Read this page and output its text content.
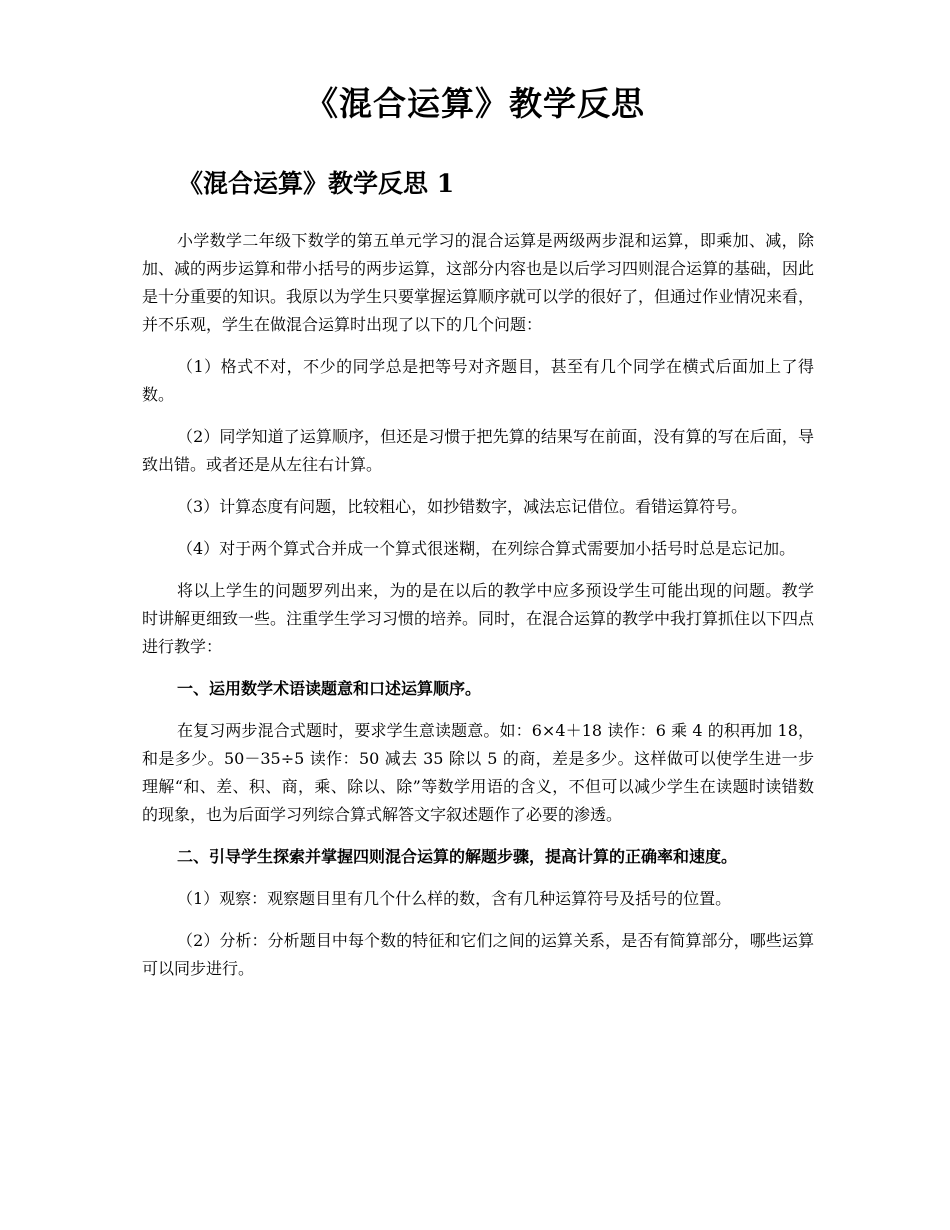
《混合运算》教学反思
《混合运算》教学反思 1

小学数学二年级下数学的第五单元学习的混合运算是两级两步混和运算，即乘加、减，除加、减的两步运算和带小括号的两步运算，这部分内容也是以后学习四则混合运算的基础，因此是十分重要的知识。我原以为学生只要掌握运算顺序就可以学的很好了，但通过作业情况来看，并不乐观，学生在做混合运算时出现了以下的几个问题：

（1）格式不对，不少的同学总是把等号对齐题目，甚至有几个同学在横式后面加上了得数。

（2）同学知道了运算顺序，但还是习惯于把先算的结果写在前面，没有算的写在后面，导致出错。或者还是从左往右计算。

（3）计算态度有问题，比较粗心，如抄错数字，减法忘记借位。看错运算符号。

（4）对于两个算式合并成一个算式很迷糊，在列综合算式需要加小括号时总是忘记加。

将以上学生的问题罗列出来，为的是在以后的教学中应多预设学生可能出现的问题。教学时讲解更细致一些。注重学生学习习惯的培养。同时，在混合运算的教学中我打算抓住以下四点进行教学：

一、运用数学术语读题意和口述运算顺序。

在复习两步混合式题时，要求学生意读题意。如：6×4＋18 读作：6 乘 4 的积再加 18，和是多少。50－35÷5 读作：50 减去 35 除以 5 的商，差是多少。这样做可以使学生进一步理解“和、差、积、商，乘、除以、除”等数学用语的含义，不但可以减少学生在读题时读错数的现象，也为后面学习列综合算式解答文字叙述题作了必要的渗透。

二、引导学生探索并掌握四则混合运算的解题步骤，提高计算的正确率和速度。

（1）观察：观察题目里有几个什么样的数，含有几种运算符号及括号的位置。

（2）分析：分析题目中每个数的特征和它们之间的运算关系，是否有简算部分，哪些运算可以同步进行。
